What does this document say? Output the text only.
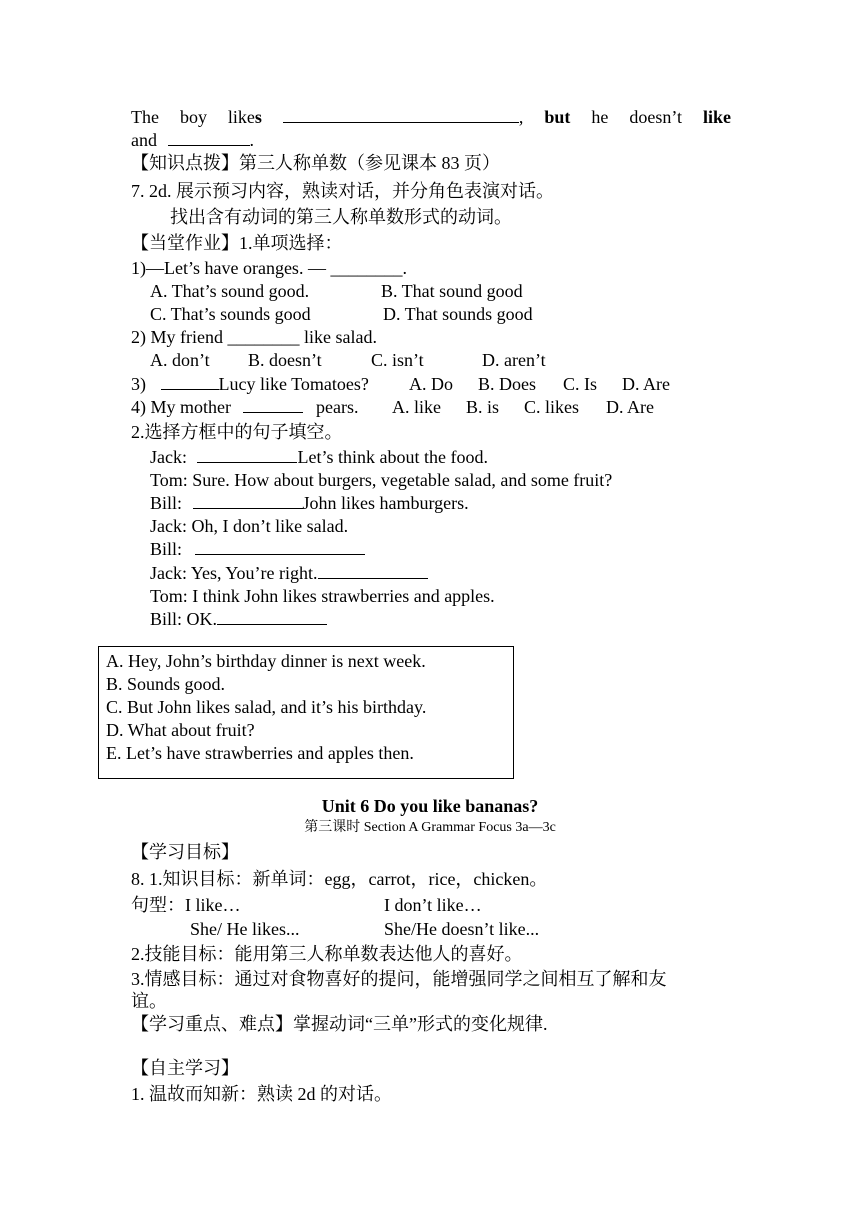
The boy likes	, but he doesn’t like
and	.
【知识点拨】第三人称单数（参见课本 83 页）
7. 2d. 展示预习内容，熟读对话，并分角色表演对话。
找出含有动词的第三人称单数形式的动词。
【当堂作业】1.单项选择：
1)—Let’s have oranges. — ________.
A. That’s sound good.	B. That sound good
C. That’s sounds good	D. That sounds good
2) My friend ________ like salad.
A. don’t B. doesn’t	C. isn’t	D. aren’t
3)	Lucy like Tomatoes? A. Do B. Does C. Is D. Are
4) My mother	pears. A. like B. is C. likes D. Are
2.选择方框中的句子填空。
Jack:	Let’s think about the food.
Tom: Sure. How about burgers, vegetable salad, and some fruit?
Bill:	John likes hamburgers.
Jack: Oh, I don’t like salad.
Bill:
Jack: Yes, You’re right.
Tom: I think John likes strawberries and apples.
Bill: OK.
A. Hey, John’s birthday dinner is next week.
B. Sounds good.
C. But John likes salad, and it’s his birthday.
D. What about fruit?
E. Let’s have strawberries and apples then.
Unit 6 Do you like bananas?
第三课时 Section A Grammar Focus 3a—3c
【学习目标】
8. 1.知识目标：新单词：egg，carrot，rice，chicken。
句型：I like…	I don’t like…
She/ He likes...	She/He doesn’t like...
2.技能目标：能用第三人称单数表达他人的喜好。
3.情感目标：通过对食物喜好的提问，能增强同学之间相互了解和友
谊。
【学习重点、难点】掌握动词“三单”形式的变化规律.
【自主学习】
1. 温故而知新：熟读 2d 的对话。
